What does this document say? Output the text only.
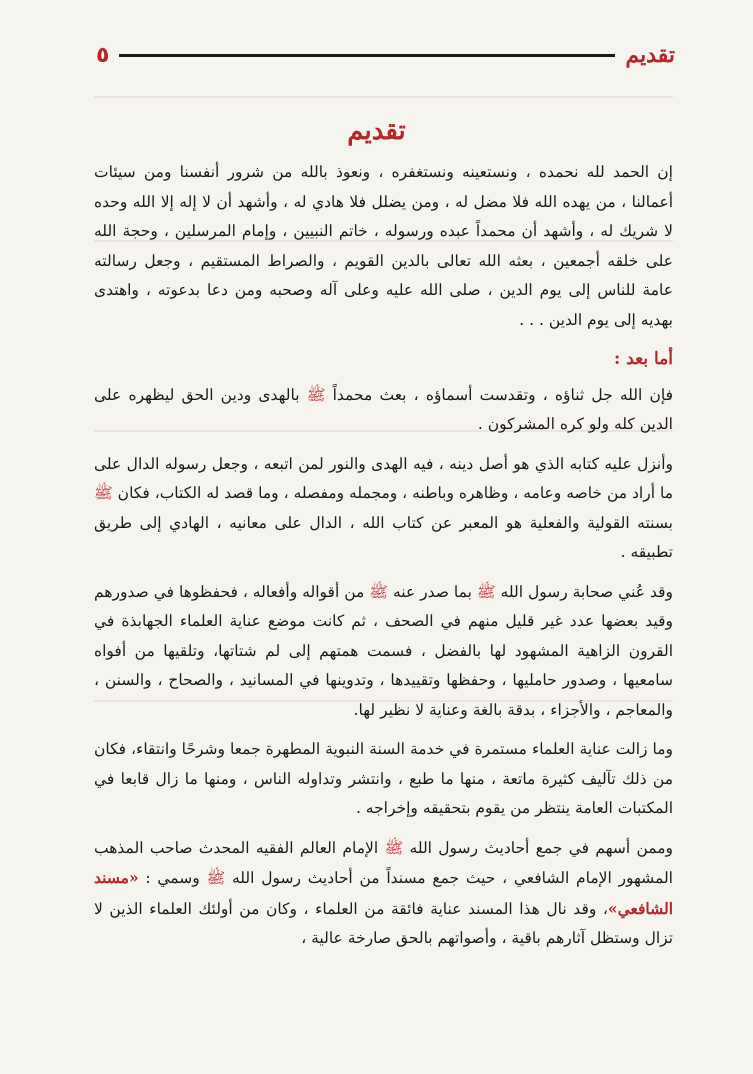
تقديم
٥
تقديم

إن الحمد لله نحمده ، ونستعينه ونستغفره ، ونعوذ بالله من شرور أنفسنا ومن سيئات أعمالنا ، من يهده الله فلا مضل له ، ومن يضلل فلا هادي له ، وأشهد أن لا إله إلا الله وحده لا شريك له ، وأشهد أن محمداً عبده ورسوله ، خاتم النبيين ، وإمام المرسلين ، وحجة الله على خلقه أجمعين ، بعثه الله تعالى بالدين القويم ، والصراط المستقيم ، وجعل رسالته عامة للناس إلى يوم الدين ، صلى الله عليه وعلى آله وصحبه ومن دعا بدعوته ، واهتدى بهديه إلى يوم الدين . . .

أما بعد :

فإن الله جل ثناؤه ، وتقدست أسماؤه ، بعث محمداً ﷺ بالهدى ودين الحق ليظهره على الدين كله ولو كره المشركون .

وأنزل عليه كتابه الذي هو أصل دينه ، فيه الهدى والنور لمن اتبعه ، وجعل رسوله الدال على ما أراد من خاصه وعامه ، وظاهره وباطنه ، ومجمله ومفصله ، وما قصد له الكتاب، فكان ﷺ بسنته القولية والفعلية هو المعبر عن كتاب الله ، الدال على معانيه ، الهادي إلى طريق تطبيقه .

وقد عُني صحابة رسول الله ﷺ بما صدر عنه ﷺ من أقواله وأفعاله ، فحفظوها في صدورهم وقيد بعضها عدد غير قليل منهم في الصحف ، ثم كانت موضع عناية العلماء الجهابذة في القرون الزاهية المشهود لها بالفضل ، فسمت همتهم إلى لم شتاتها، وتلقيها من أفواه سامعيها ، وصدور حامليها ، وحفظها وتقييدها ، وتدوينها في المسانيد ، والصحاح ، والسنن ، والمعاجم ، والأجزاء ، بدقة بالغة وعناية لا نظير لها.

وما زالت عناية العلماء مستمرة في خدمة السنة النبوية المطهرة جمعا وشرحًا وانتقاء، فكان من ذلك تآليف كثيرة ماتعة ، منها ما طبع ، وانتشر وتداوله الناس ، ومنها ما زال قابعا في المكتبات العامة ينتظر من يقوم بتحقيقه وإخراجه .

وممن أسهم في جمع أحاديث رسول الله ﷺ الإمام العالم الفقيه المحدث صاحب المذهب المشهور الإمام الشافعي ، حيث جمع مسنداً من أحاديث رسول الله ﷺ وسمي : «مسند الشافعي»، وقد نال هذا المسند عناية فائقة من العلماء ، وكان من أولئك العلماء الذين لا تزال وستظل آثارهم باقية ، وأصواتهم بالحق صارخة عالية ،
